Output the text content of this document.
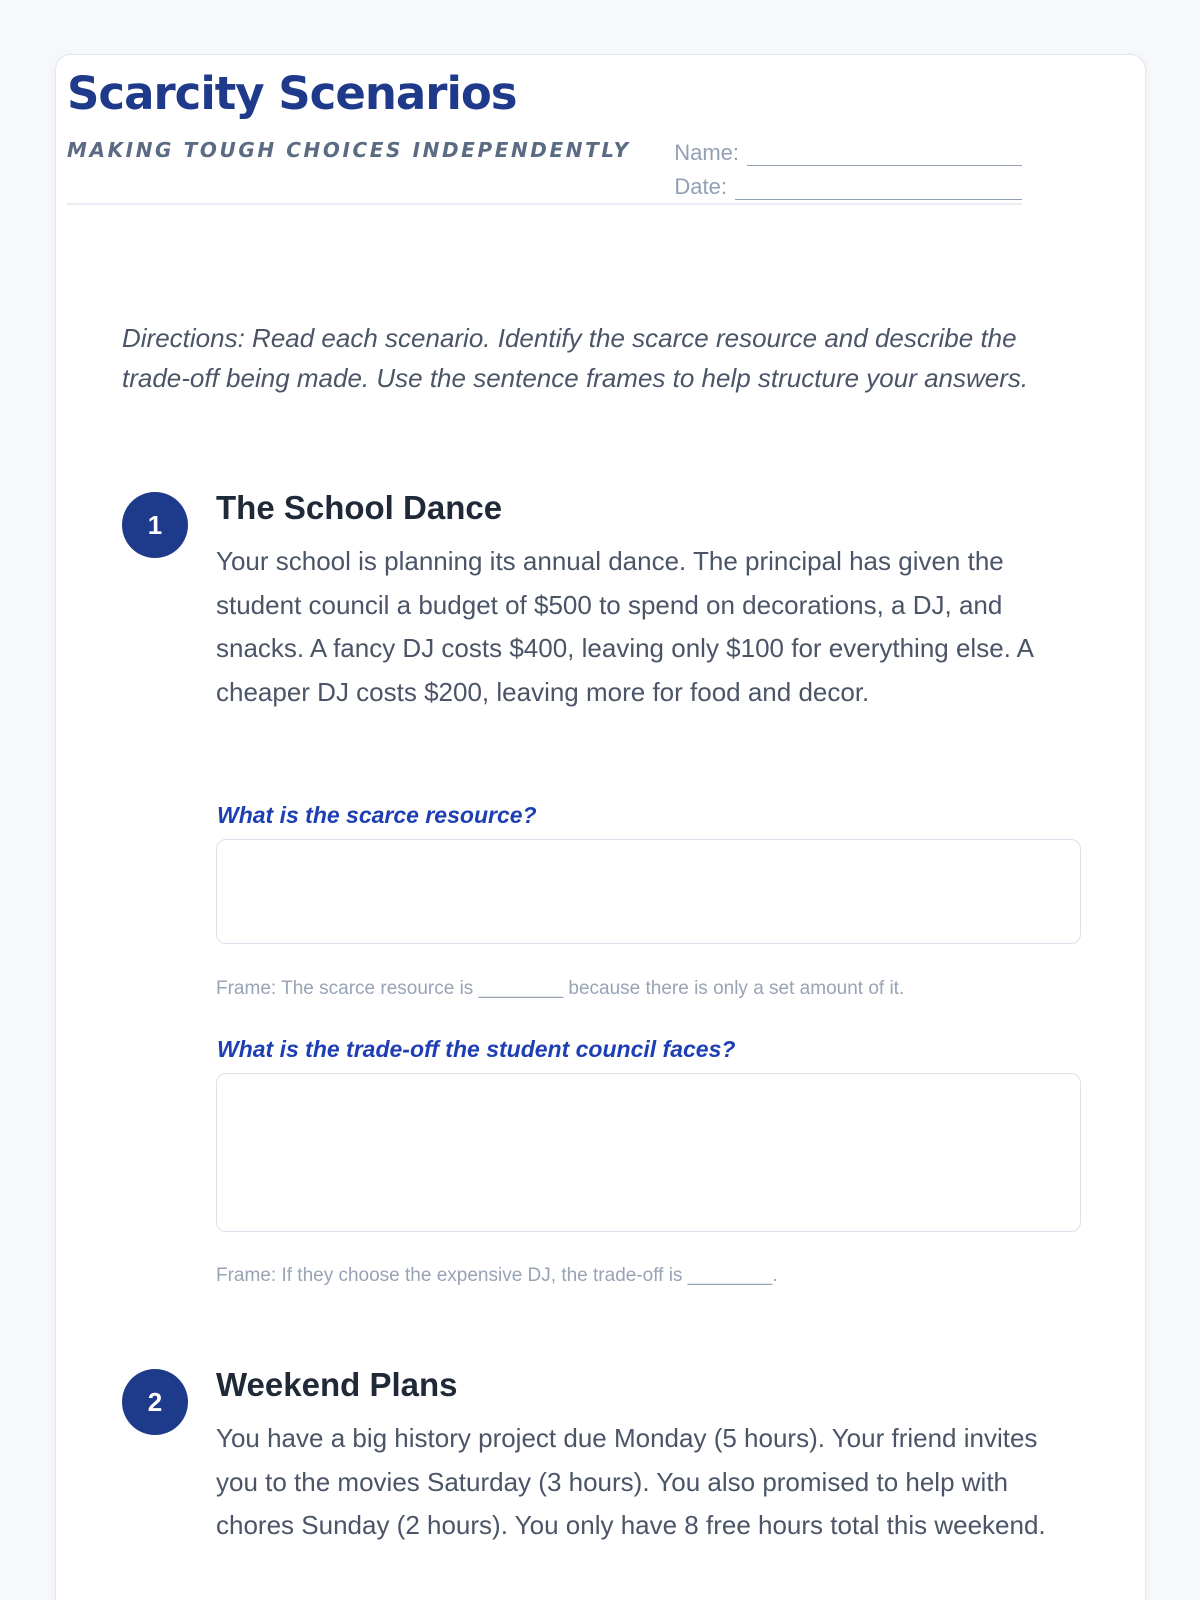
Scarcity Scenarios
MAKING TOUGH CHOICES INDEPENDENTLY Name:
Date:

Directions: Read each scenario. Identify the scarce resource and describe the trade-off being made. Use the sentence frames to help structure your answers.

1	The School Dance

Your school is planning its annual dance. The principal has given the student council a budget of $500 to spend on decorations, a DJ, and snacks. A fancy DJ costs $400, leaving only $100 for everything else. A cheaper DJ costs $200, leaving more for food and decor.

What is the scarce resource?
Frame: The scarce resource is ________ because there is only a set amount of it.
What is the trade-off the student council faces?
Frame: If they choose the expensive DJ, the trade-off is ________.
2	Weekend Plans

You have a big history project due Monday (5 hours). Your friend invites you to the movies Saturday (3 hours). You also promised to help with chores Sunday (2 hours). You only have 8 free hours total this weekend.
